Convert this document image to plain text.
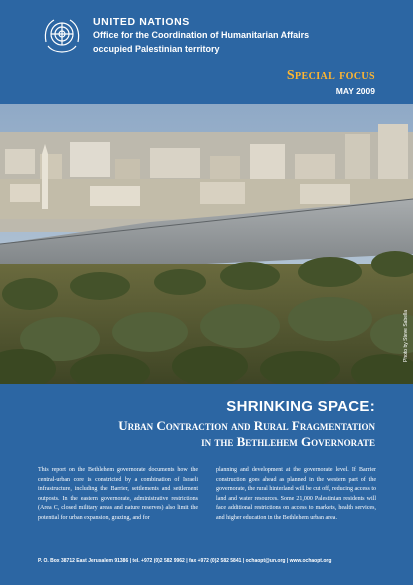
UNITED NATIONS
Office for the Coordination of Humanitarian Affairs
occupied Palestinian territory
Special focus
MAY 2009
Photo by Steve Sabella
SHRINKING SPACE:
Urban Contraction and Rural Fragmentation
in the Bethlehem Governorate
This report on the Bethlehem governorate documents how the central-urban core is constricted by a combination of Israeli infrastructure, including the Barrier, settlements and settlement outposts. In the eastern governorate, administrative restrictions (Area C, closed military areas and nature reserves) also limit the potential for urban expansion, grazing, and for
planning and development at the governorate level. If Barrier construction goes ahead as planned in the western part of the governorate, the rural hinterland will be cut off, reducing access to land and water resources. Some 21,000 Palestinian residents will face additional restrictions on access to markets, health services, and higher education in the Bethlehem urban area.
P. O. Box 38712 East Jerusalem 91386 | tel. +972 (0)2 582 9962 | fax +972 (0)2 582 5841 | ochaopt@un.org | www.ochaopt.org
